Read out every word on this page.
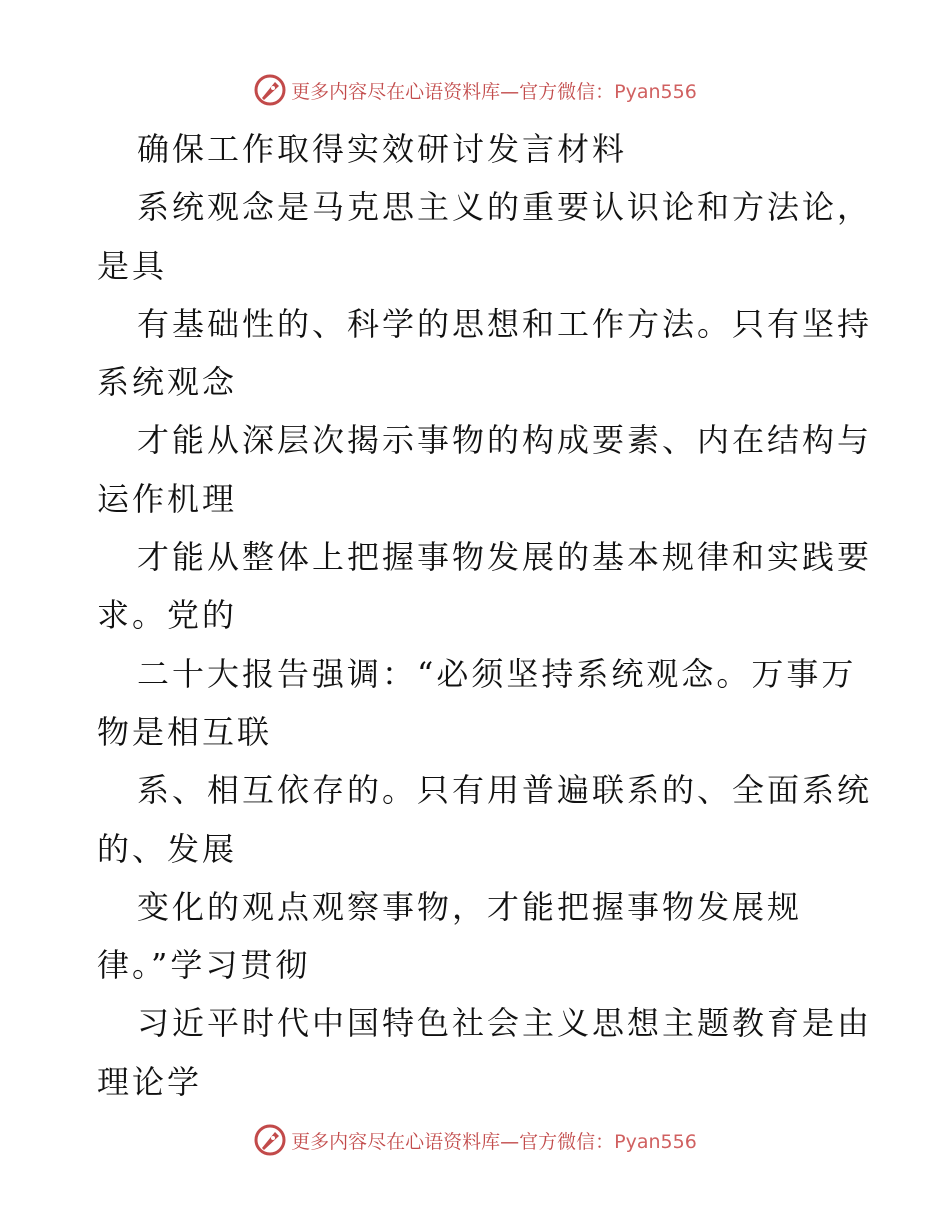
更多内容尽在心语资料库—官方微信：Pyan556
确保工作取得实效研讨发言材料
系统观念是马克思主义的重要认识论和方法论，
是具
有基础性的、科学的思想和工作方法。只有坚持
系统观念
才能从深层次揭示事物的构成要素、内在结构与
运作机理
才能从整体上把握事物发展的基本规律和实践要
求。党的
二十大报告强调：“必须坚持系统观念。万事万
物是相互联
系、相互依存的。只有用普遍联系的、全面系统
的、发展
变化的观点观察事物，才能把握事物发展规
律。”学习贯彻
习近平时代中国特色社会主义思想主题教育是由
理论学
更多内容尽在心语资料库—官方微信：Pyan556
